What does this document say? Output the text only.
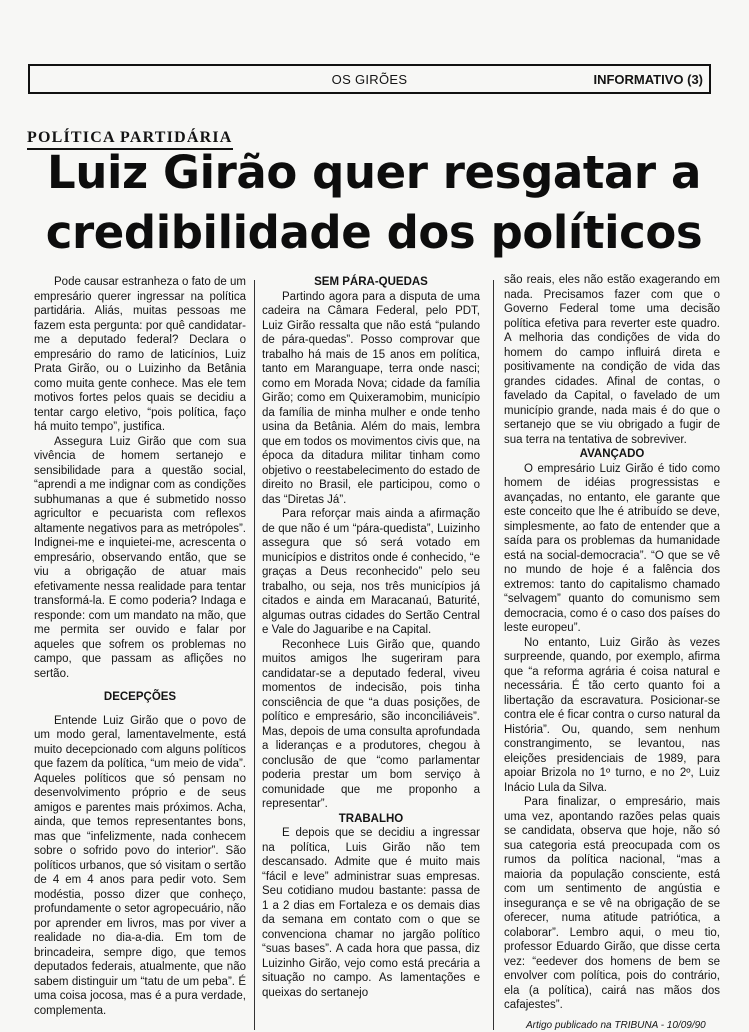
OS GIRÕES	INFORMATIVO (3)
POLÍTICA PARTIDÁRIA
Luiz Girão quer resgatar a
credibilidade dos políticos

Pode causar estranheza o fato de um empresário querer ingressar na política partidária. Aliás, muitas pessoas me fazem esta pergunta: por quê candidatar-me a deputado federal? Declara o empresário do ramo de laticínios, Luiz Prata Girão, ou o Luizinho da Betânia como muita gente conhece. Mas ele tem motivos fortes pelos quais se decidiu a tentar cargo eletivo, “pois política, faço há muito tempo”, justifica.

Assegura Luiz Girão que com sua vivência de homem sertanejo e sensibilidade para a questão social, “aprendi a me indignar com as condições subhumanas a que é submetido nosso agricultor e pecuarista com reflexos altamente negativos para as metrópoles”. Indignei-me e inquietei-me, acrescenta o empresário, observando então, que se viu a obrigação de atuar mais efetivamente nessa realidade para tentar transformá-la. E como poderia? Indaga e responde: com um mandato na mão, que me permita ser ouvido e falar por aqueles que sofrem os problemas no campo, que passam as aflições no sertão.

DECEPÇÕES

Entende Luiz Girão que o povo de um modo geral, lamentavelmente, está muito decepcionado com alguns políticos que fazem da política, “um meio de vida”. Aqueles políticos que só pensam no desenvolvimento próprio e de seus amigos e parentes mais próximos. Acha, ainda, que temos representantes bons, mas que “infelizmente, nada conhecem sobre o sofrido povo do interior”. São políticos urbanos, que só visitam o sertão de 4 em 4 anos para pedir voto. Sem modéstia, posso dizer que conheço, profundamente o setor agropecuário, não por aprender em livros, mas por viver a realidade no dia-a-dia. Em tom de brincadeira, sempre digo, que temos deputados federais, atualmente, que não sabem distinguir um “tatu de um peba”. É uma coisa jocosa, mas é a pura verdade, complementa.

SEM PÁRA-QUEDAS

Partindo agora para a disputa de uma cadeira na Câmara Federal, pelo PDT, Luiz Girão ressalta que não está “pulando de pára-quedas”. Posso comprovar que trabalho há mais de 15 anos em política, tanto em Maranguape, terra onde nasci; como em Morada Nova; cidade da família Girão; como em Quixeramobim, município da família de minha mulher e onde tenho usina da Betânia. Além do mais, lembra que em todos os movimentos civis que, na época da ditadura militar tinham como objetivo o reestabelecimento do estado de direito no Brasil, ele participou, como o das “Diretas Já”.

Para reforçar mais ainda a afirmação de que não é um “pára-quedista”, Luizinho assegura que só será votado em municípios e distritos onde é conhecido, “e graças a Deus reconhecido” pelo seu trabalho, ou seja, nos três municípios já citados e ainda em Maracanaú, Baturité, algumas outras cidades do Sertão Central e Vale do Jaguaribe e na Capital.

Reconhece Luis Girão que, quando muitos amigos lhe sugeriram para candidatar-se a deputado federal, viveu momentos de indecisão, pois tinha consciência de que “a duas posições, de político e empresário, são inconciliáveis”. Mas, depois de uma consulta aprofundada a lideranças e a produtores, chegou à conclusão de que “como parlamentar poderia prestar um bom serviço à comunidade que me proponho a representar”.

TRABALHO

E depois que se decidiu a ingressar na política, Luis Girão não tem descansado. Admite que é muito mais “fácil e leve” administrar suas empresas. Seu cotidiano mudou bastante: passa de 1 a 2 dias em Fortaleza e os demais dias da semana em contato com o que se convenciona chamar no jargão político “suas bases”. A cada hora que passa, diz Luizinho Girão, vejo como está precária a situação no campo. As lamentações e queixas do sertanejo

são reais, eles não estão exagerando em nada. Precisamos fazer com que o Governo Federal tome uma decisão política efetiva para reverter este quadro. A melhoria das condições de vida do homem do campo influirá direta e positivamente na condição de vida das grandes cidades. Afinal de contas, o favelado da Capital, o favelado de um município grande, nada mais é do que o sertanejo que se viu obrigado a fugir de sua terra na tentativa de sobreviver.

AVANÇADO

O empresário Luiz Girão é tido como homem de idéias progressistas e avançadas, no entanto, ele garante que este conceito que lhe é atribuído se deve, simplesmente, ao fato de entender que a saída para os problemas da humanidade está na social-democracia”. “O que se vê no mundo de hoje é a falência dos extremos: tanto do capitalismo chamado “selvagem” quanto do comunismo sem democracia, como é o caso dos países do leste europeu”.

No entanto, Luiz Girão às vezes surpreende, quando, por exemplo, afirma que “a reforma agrária é coisa natural e necessária. É tão certo quanto foi a libertação da escravatura. Posicionar-se contra ele é ficar contra o curso natural da História”. Ou, quando, sem nenhum constrangimento, se levantou, nas eleições presidenciais de 1989, para apoiar Brizola no 1º turno, e no 2º, Luiz Inácio Lula da Silva.

Para finalizar, o empresário, mais uma vez, apontando razões pelas quais se candidata, observa que hoje, não só sua categoria está preocupada com os rumos da política nacional, “mas a maioria da população consciente, está com um sentimento de angústia e insegurança e se vê na obrigação de se oferecer, numa atitude patriótica, a colaborar”. Lembro aqui, o meu tio, professor Eduardo Girão, que disse certa vez: “eedever dos homens de bem se envolver com política, pois do contrário, ela (a política), cairá nas mãos dos cafajestes”.

Artigo publicado na TRIBUNA - 10/09/90
